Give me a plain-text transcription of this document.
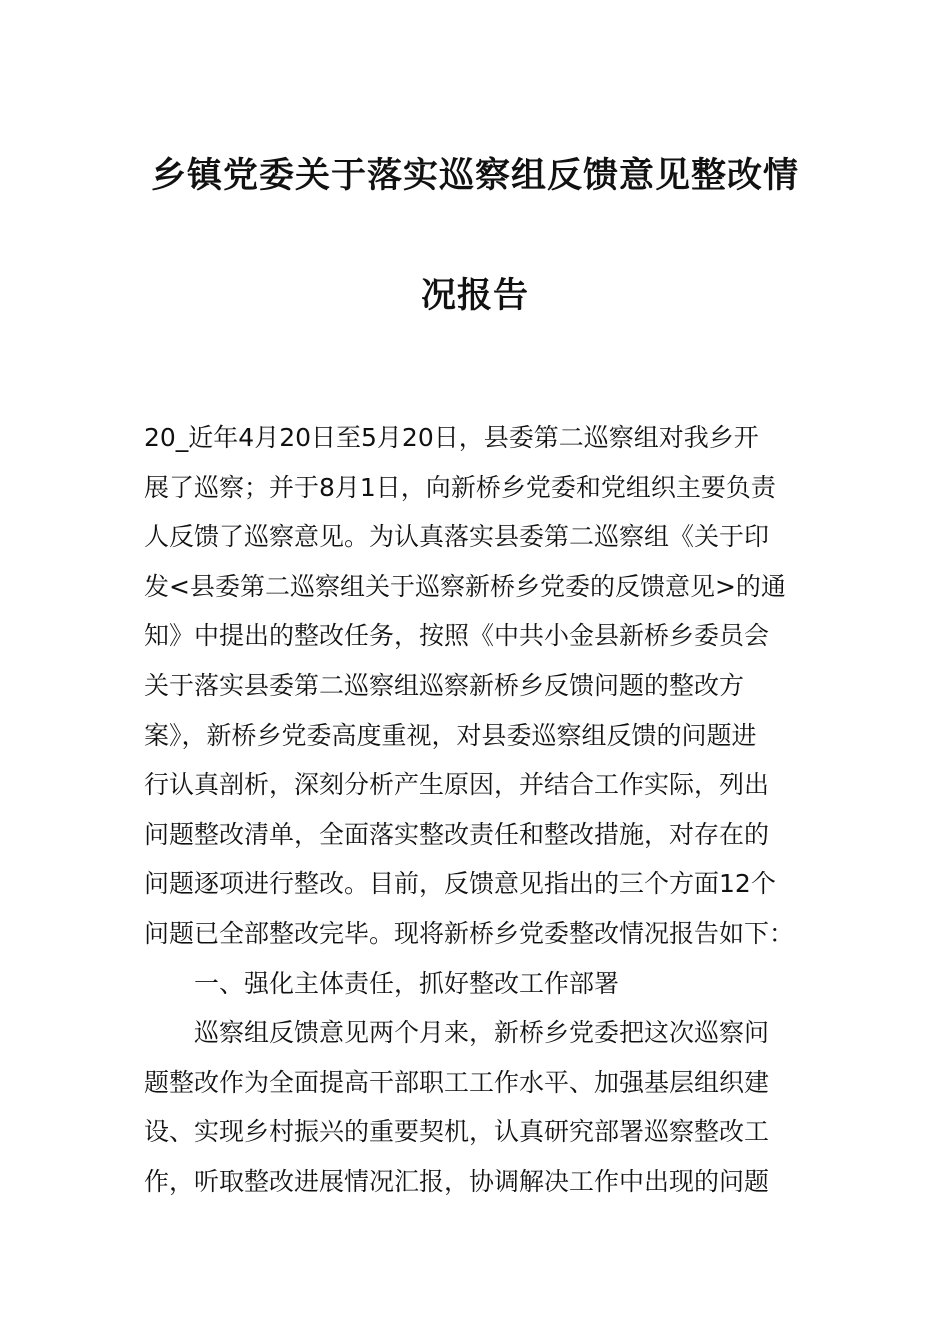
乡镇党委关于落实巡察组反馈意见整改情
况报告
20_近年4月20日至5月20日，县委第二巡察组对我乡开
展了巡察；并于8月1日，向新桥乡党委和党组织主要负责
人反馈了巡察意见。为认真落实县委第二巡察组《关于印
发<县委第二巡察组关于巡察新桥乡党委的反馈意见>的通
知》中提出的整改任务，按照《中共小金县新桥乡委员会
关于落实县委第二巡察组巡察新桥乡反馈问题的整改方
案》，新桥乡党委高度重视，对县委巡察组反馈的问题进
行认真剖析，深刻分析产生原因，并结合工作实际，列出
问题整改清单，全面落实整改责任和整改措施，对存在的
问题逐项进行整改。目前，反馈意见指出的三个方面12个
问题已全部整改完毕。现将新桥乡党委整改情况报告如下：
一、强化主体责任，抓好整改工作部署
巡察组反馈意见两个月来，新桥乡党委把这次巡察问
题整改作为全面提高干部职工工作水平、加强基层组织建
设、实现乡村振兴的重要契机，认真研究部署巡察整改工
作，听取整改进展情况汇报，协调解决工作中出现的问题
